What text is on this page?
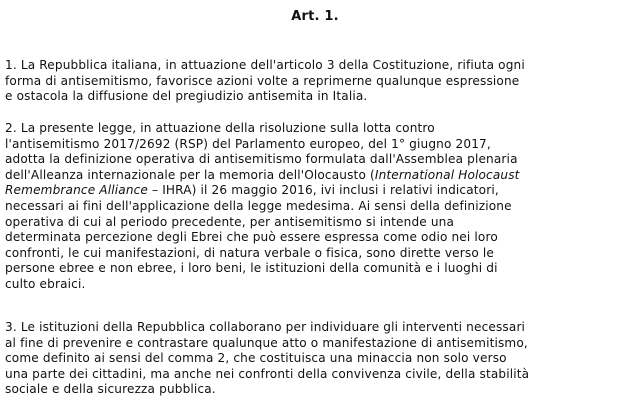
Art. 1.
1. La Repubblica italiana, in attuazione dell'articolo 3 della Costituzione, rifiuta ogni
forma di antisemitismo, favorisce azioni volte a reprimerne qualunque espressione
e ostacola la diffusione del pregiudizio antisemita in Italia.
2. La presente legge, in attuazione della risoluzione sulla lotta contro
l'antisemitismo 2017/2692 (RSP) del Parlamento europeo, del 1° giugno 2017,
adotta la definizione operativa di antisemitismo formulata dall'Assemblea plenaria
dell'Alleanza internazionale per la memoria dell'Olocausto (International Holocaust
Remembrance Alliance – IHRA) il 26 maggio 2016, ivi inclusi i relativi indicatori,
necessari ai fini dell'applicazione della legge medesima. Ai sensi della definizione
operativa di cui al periodo precedente, per antisemitismo si intende una
determinata percezione degli Ebrei che può essere espressa come odio nei loro
confronti, le cui manifestazioni, di natura verbale o fisica, sono dirette verso le
persone ebree e non ebree, i loro beni, le istituzioni della comunità e i luoghi di
culto ebraici.
3. Le istituzioni della Repubblica collaborano per individuare gli interventi necessari
al fine di prevenire e contrastare qualunque atto o manifestazione di antisemitismo,
come definito ai sensi del comma 2, che costituisca una minaccia non solo verso
una parte dei cittadini, ma anche nei confronti della convivenza civile, della stabilità
sociale e della sicurezza pubblica.
